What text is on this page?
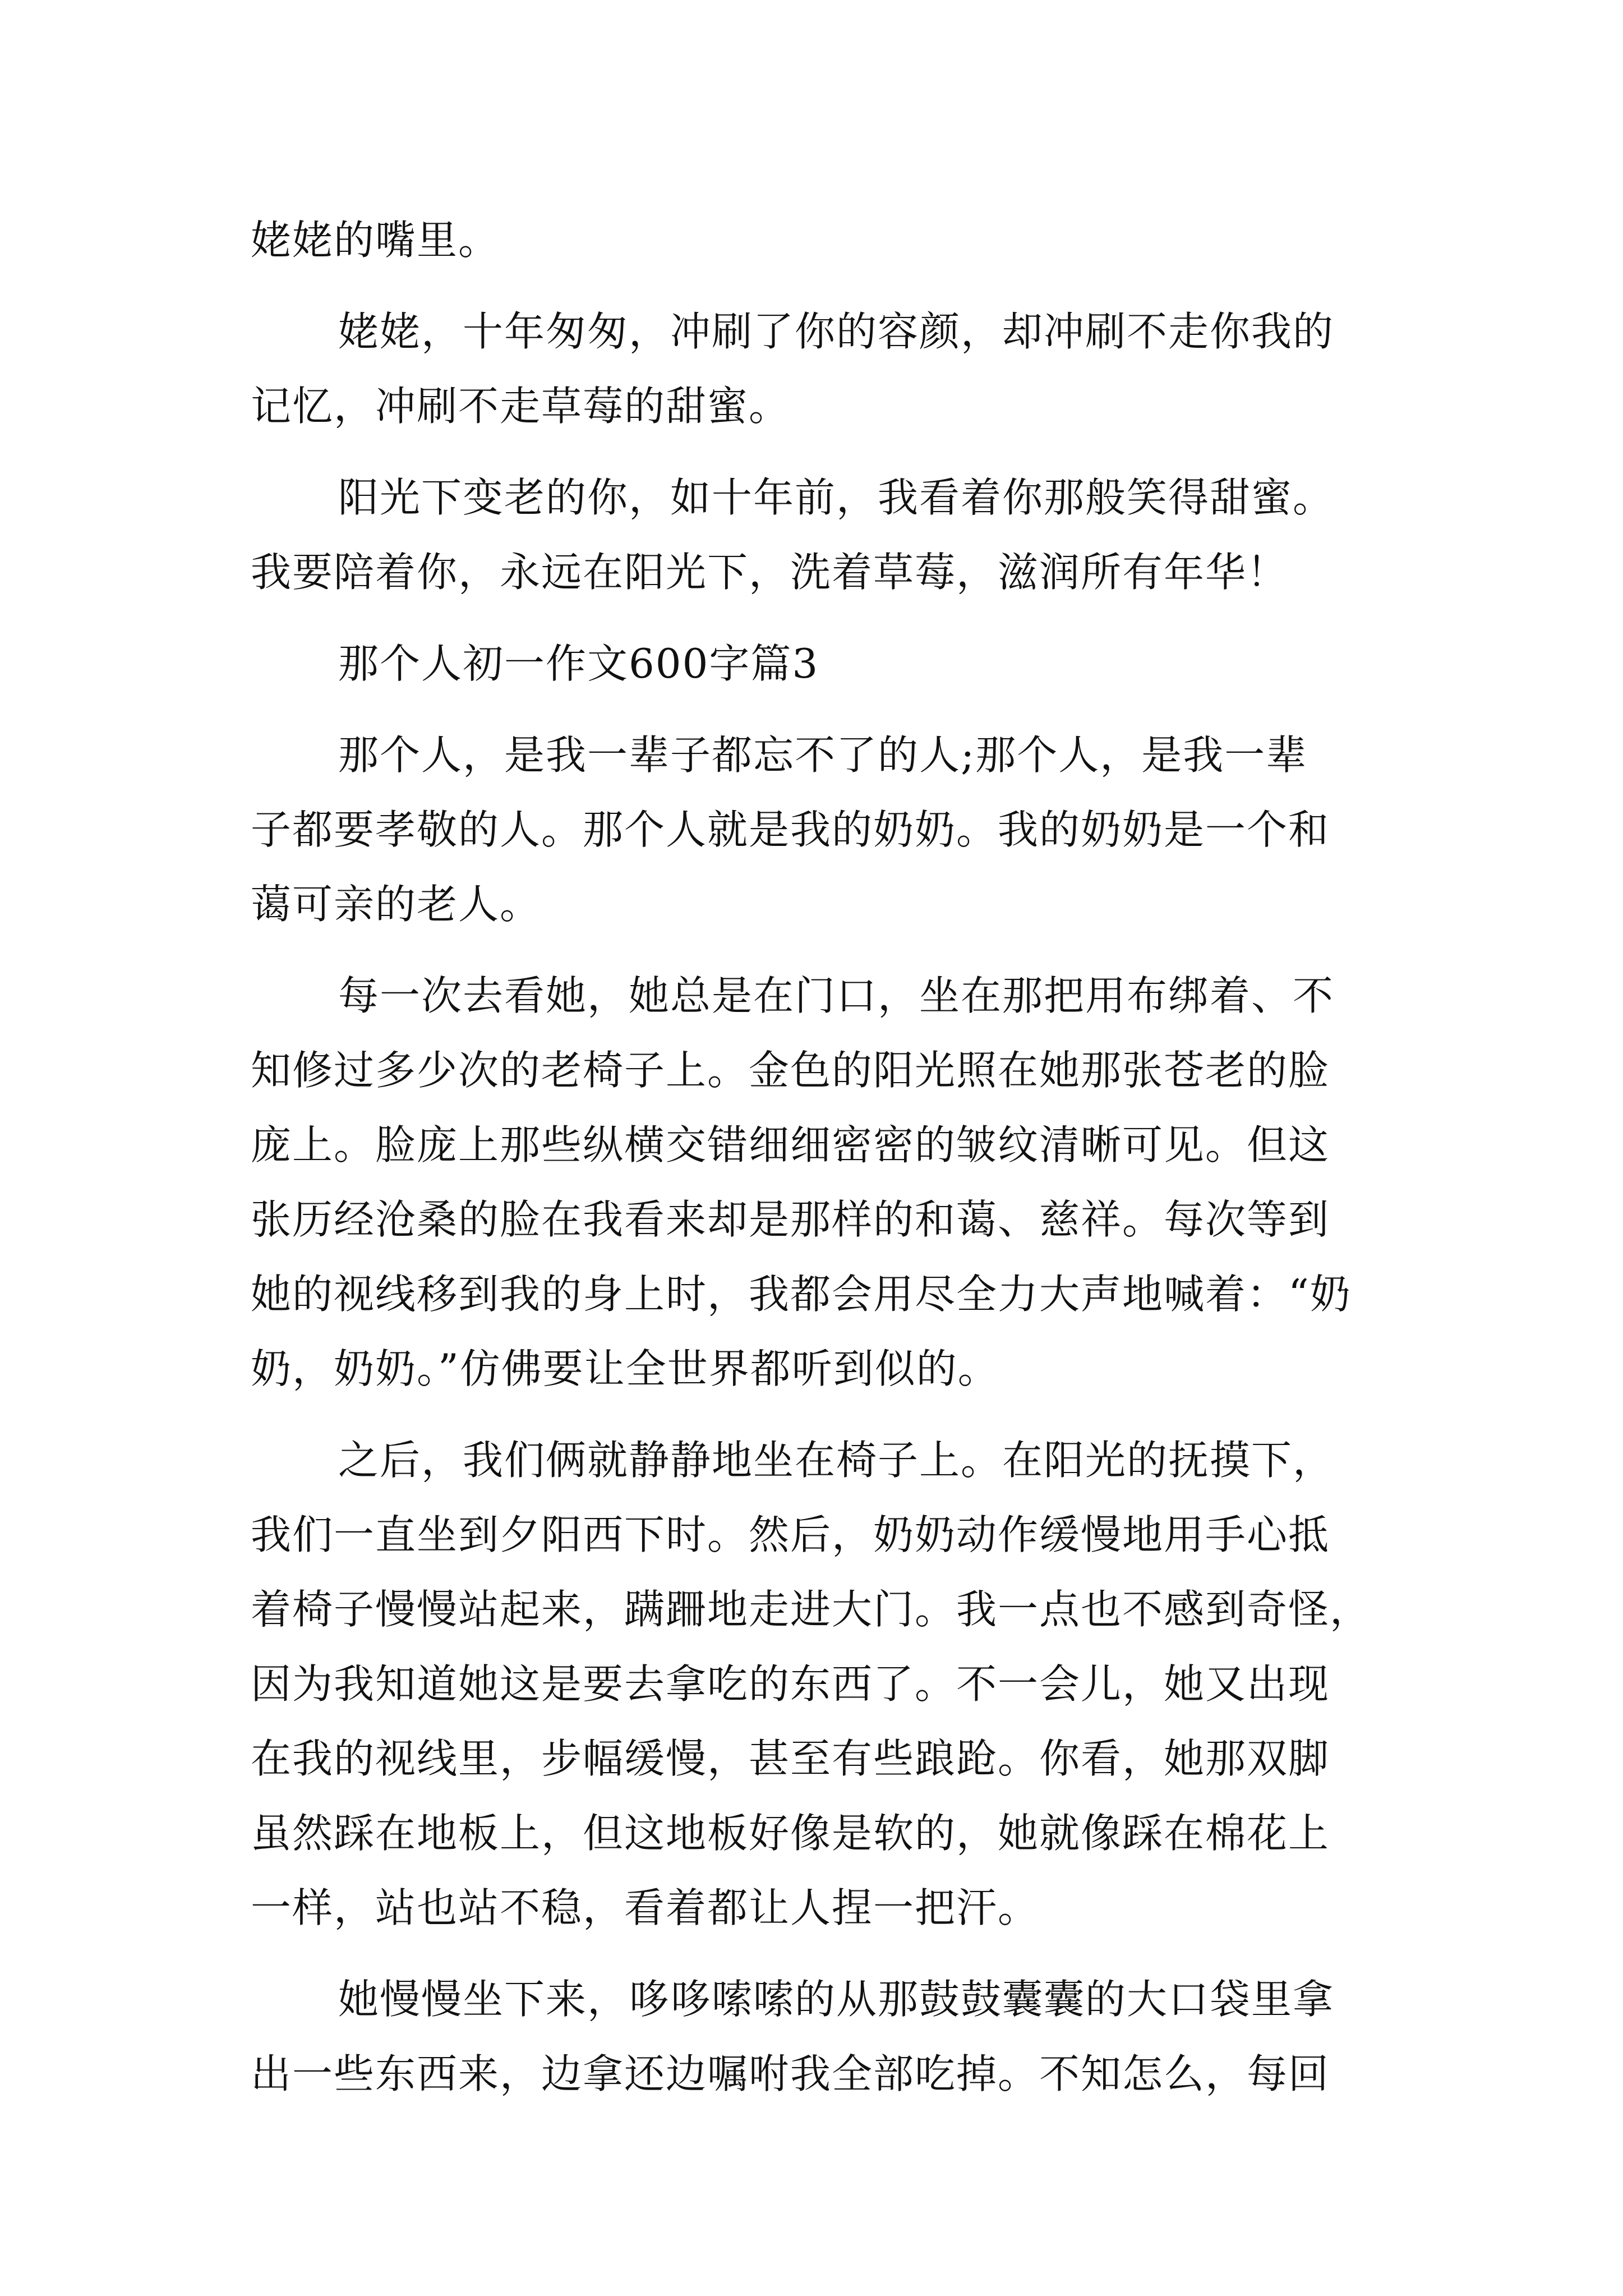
姥姥的嘴里。

姥姥，十年匆匆，冲刷了你的容颜，却冲刷不走你我的
记忆，冲刷不走草莓的甜蜜。

阳光下变老的你，如十年前，我看着你那般笑得甜蜜。
我要陪着你，永远在阳光下，洗着草莓，滋润所有年华！

那个人初一作文600字篇3

那个人，是我一辈子都忘不了的人;那个人，是我一辈
子都要孝敬的人。那个人就是我的奶奶。我的奶奶是一个和
蔼可亲的老人。

每一次去看她，她总是在门口，坐在那把用布绑着、不
知修过多少次的老椅子上。金色的阳光照在她那张苍老的脸
庞上。脸庞上那些纵横交错细细密密的皱纹清晰可见。但这
张历经沧桑的脸在我看来却是那样的和蔼、慈祥。每次等到
她的视线移到我的身上时，我都会用尽全力大声地喊着：“奶
奶，奶奶。”仿佛要让全世界都听到似的。

之后，我们俩就静静地坐在椅子上。在阳光的抚摸下，
我们一直坐到夕阳西下时。然后，奶奶动作缓慢地用手心抵
着椅子慢慢站起来，蹒跚地走进大门。我一点也不感到奇怪，
因为我知道她这是要去拿吃的东西了。不一会儿，她又出现
在我的视线里，步幅缓慢，甚至有些踉跄。你看，她那双脚
虽然踩在地板上，但这地板好像是软的，她就像踩在棉花上
一样，站也站不稳，看着都让人捏一把汗。

她慢慢坐下来，哆哆嗦嗦的从那鼓鼓囊囊的大口袋里拿
出一些东西来，边拿还边嘱咐我全部吃掉。不知怎么，每回
